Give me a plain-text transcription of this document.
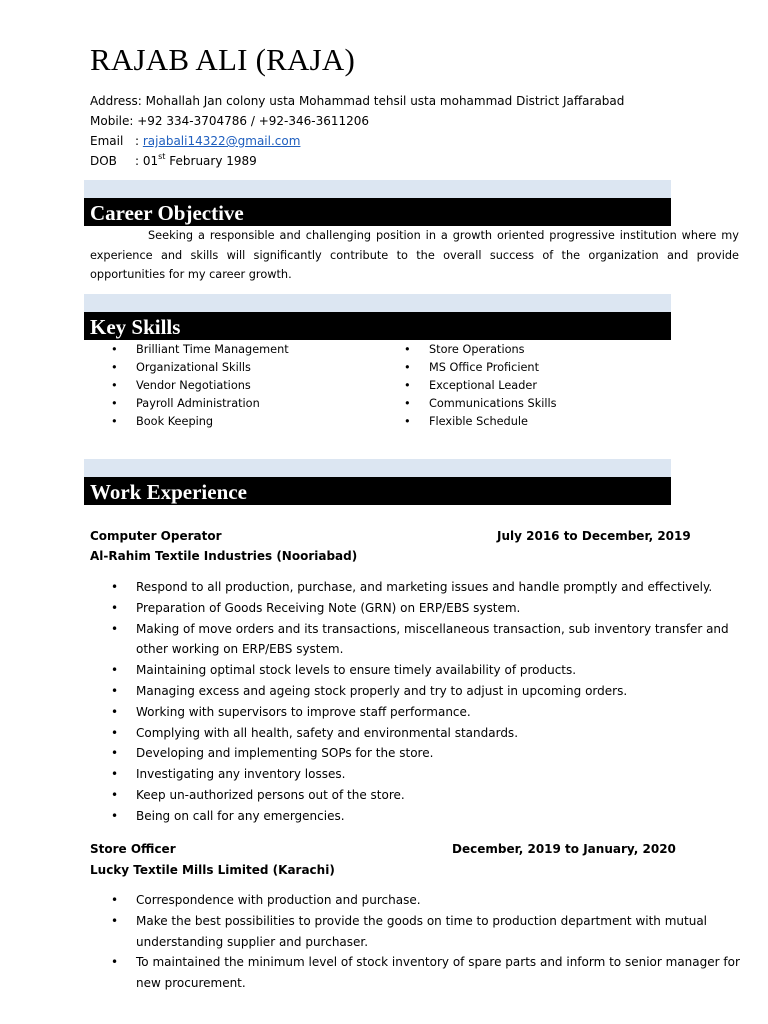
RAJAB ALI (RAJA)
Address: Mohallah Jan colony usta Mohammad tehsil usta mohammad District Jaffarabad
Mobile: +92 334-3704786 / +92-346-3611206
Email : rajabali14322@gmail.com
DOB : 01st February 1989
Career Objective

Seeking a responsible and challenging position in a growth oriented progressive institution where my experience and skills will significantly contribute to the overall success of the organization and provide opportunities for my career growth.

Key Skills
• Brilliant Time Management
• Organizational Skills
• Vendor Negotiations
• Payroll Administration
• Book Keeping
• Store Operations
• MS Office Proficient
• Exceptional Leader
• Communications Skills
• Flexible Schedule
Work Experience
Computer Operator	July 2016 to December, 2019
Al-Rahim Textile Industries (Nooriabad)
• Respond to all production, purchase, and marketing issues and handle promptly and effectively.
• Preparation of Goods Receiving Note (GRN) on ERP/EBS system.
• Making of move orders and its transactions, miscellaneous transaction, sub inventory transfer and other working on ERP/EBS system.
• Maintaining optimal stock levels to ensure timely availability of products.
• Managing excess and ageing stock properly and try to adjust in upcoming orders.
• Working with supervisors to improve staff performance.
• Complying with all health, safety and environmental standards.
• Developing and implementing SOPs for the store.
• Investigating any inventory losses.
• Keep un-authorized persons out of the store.
• Being on call for any emergencies.
Store Officer	December, 2019 to January, 2020
Lucky Textile Mills Limited (Karachi)
• Correspondence with production and purchase.
• Make the best possibilities to provide the goods on time to production department with mutual understanding supplier and purchaser.
• To maintained the minimum level of stock inventory of spare parts and inform to senior manager for new procurement.
